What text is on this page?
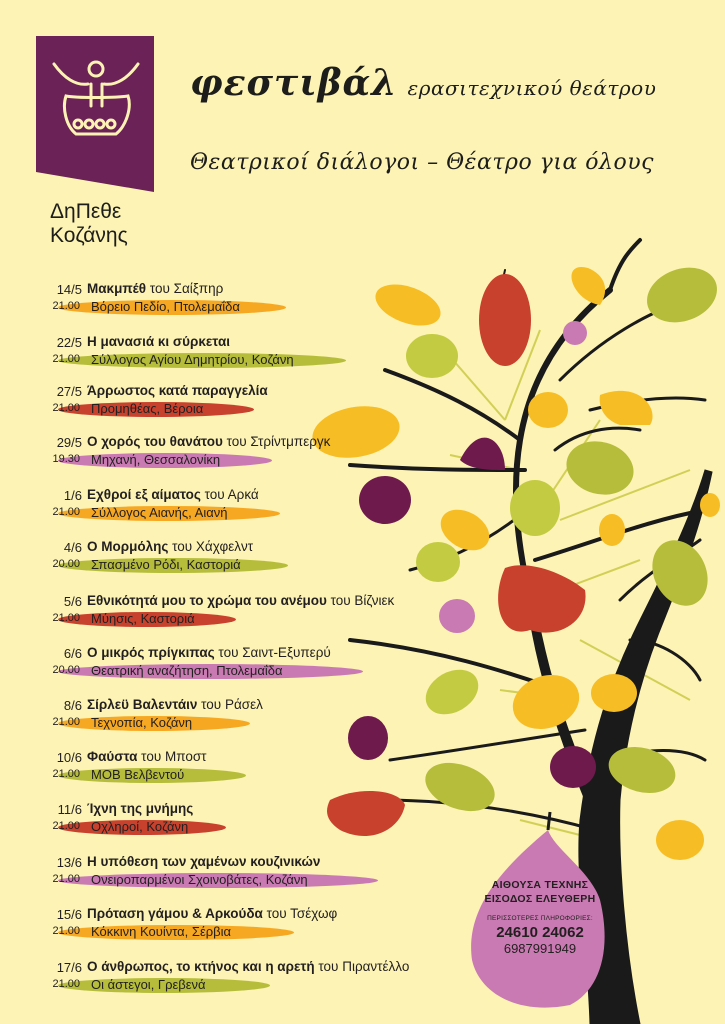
ΔηΠεθε
Κοζάνης
φεστιβάλ ερασιτεχνικού θεάτρου
Θεατρικοί διάλογοι – Θέατρο για όλους
14/5
21.00
Μακμπέθ του Σαίξπηρ
Βόρειο Πεδίο, Πτολεμαΐδα
22/5
21.00
Η μανασιά κι σύρκεται
Σύλλογος Αγίου Δημητρίου, Κοζάνη
27/5
21.00
Άρρωστος κατά παραγγελία
Προμηθέας, Βέροια
29/5
19.30
Ο χορός του θανάτου του Στρίντμπεργκ
Μηχανή, Θεσσαλονίκη
1/6
21.00
Εχθροί εξ αίματος του Αρκά
Σύλλογος Αιανής, Αιανή
4/6
20.00
Ο Μορμόλης του Χάχφελντ
Σπασμένο Ρόδι, Καστοριά
5/6
21.00
Εθνικότητά μου το χρώμα του ανέμου του Βίζνιεκ
Μύησις, Καστοριά
6/6
20.00
Ο μικρός πρίγκιπας του Σαιντ-Εξυπερύ
Θεατρική αναζήτηση, Πτολεμαΐδα
8/6
21.00
Σίρλεϋ Βαλεντάιν του Ράσελ
Τεχνοπία, Κοζάνη
10/6
21.00
Φαύστα του Μποστ
ΜΟΒ Βελβεντού
11/6
21.00
Ίχνη της μνήμης
Οχληροί, Κοζάνη
13/6
21.00
Η υπόθεση των χαμένων κουζινικών
Ονειροπαρμένοι Σχοινοβάτες, Κοζάνη
15/6
21.00
Πρόταση γάμου & Αρκούδα του Τσέχωφ
Κόκκινη Κουίντα, Σέρβια
17/6
21.00
Ο άνθρωπος, το κτήνος και η αρετή του Πιραντέλλο
Οι άστεγοι, Γρεβενά
ΑΙΘΟΥΣΑ ΤΕΧΝΗΣ
ΕΙΣΟΔΟΣ ΕΛΕΥΘΕΡΗ
ΠΕΡΙΣΣΟΤΕΡΕΣ ΠΛΗΡΟΦΟΡΙΕΣ:
24610 24062
6987991949
